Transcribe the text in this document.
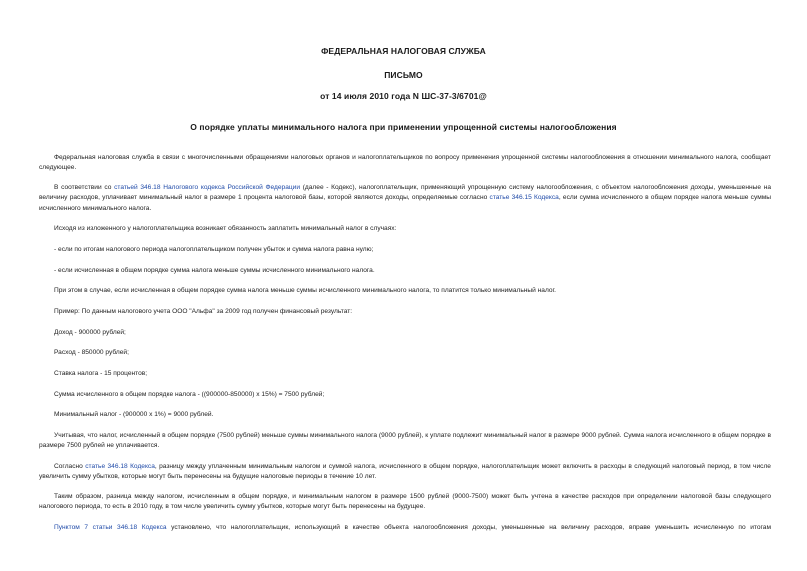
ФЕДЕРАЛЬНАЯ НАЛОГОВАЯ СЛУЖБА
ПИСЬМО
от 14 июля 2010 года N ШС-37-3/6701@
О порядке уплаты минимального налога при применении упрощенной системы налогообложения
Федеральная налоговая служба в связи с многочисленными обращениями налоговых органов и налогоплательщиков по вопросу применения упрощенной системы налогообложения в отношении минимального налога, сообщает следующее.
В соответствии со статьей 346.18 Налогового кодекса Российской Федерации (далее - Кодекс), налогоплательщик, применяющий упрощенную систему налогообложения, с объектом налогообложения доходы, уменьшенные на величину расходов, уплачивает минимальный налог в размере 1 процента налоговой базы, которой являются доходы, определяемые согласно статье 346.15 Кодекса, если сумма исчисленного в общем порядке налога меньше суммы исчисленного минимального налога.
Исходя из изложенного у налогоплательщика возникает обязанность заплатить минимальный налог в случаях:
- если по итогам налогового периода налогоплательщиком получен убыток и сумма налога равна нулю;
- если исчисленная в общем порядке сумма налога меньше суммы исчисленного минимального налога.
При этом в случае, если исчисленная в общем порядке сумма налога меньше суммы исчисленного минимального налога, то платится только минимальный налог.
Пример: По данным налогового учета ООО "Альфа" за 2009 год получен финансовый результат:
Доход - 900000 рублей;
Расход - 850000 рублей;
Ставка налога - 15 процентов;
Сумма исчисленного в общем порядке налога - ((900000-850000) x 15%) = 7500 рублей;
Минимальный налог - (900000 x 1%) = 9000 рублей.
Учитывая, что налог, исчисленный в общем порядке (7500 рублей) меньше суммы минимального налога (9000 рублей), к уплате подлежит минимальный налог в размере 9000 рублей. Сумма налога исчисленного в общем порядке в размере 7500 рублей не уплачивается.
Согласно статье 346.18 Кодекса, разницу между уплаченным минимальным налогом и суммой налога, исчисленного в общем порядке, налогоплательщик может включить в расходы в следующий налоговый период, в том числе увеличить сумму убытков, которые могут быть перенесены на будущие налоговые периоды в течение 10 лет.
Таким образом, разница между налогом, исчисленным в общем порядке, и минимальным налогом в размере 1500 рублей (9000-7500) может быть учтена в качестве расходов при определении налоговой базы следующего налогового периода, то есть в 2010 году, в том числе увеличить сумму убытков, которые могут быть перенесены на будущее.
Пунктом 7 статьи 346.18 Кодекса установлено, что налогоплательщик, использующий в качестве объекта налогообложения доходы, уменьшенные на величину расходов, вправе уменьшить исчисленную по итогам
